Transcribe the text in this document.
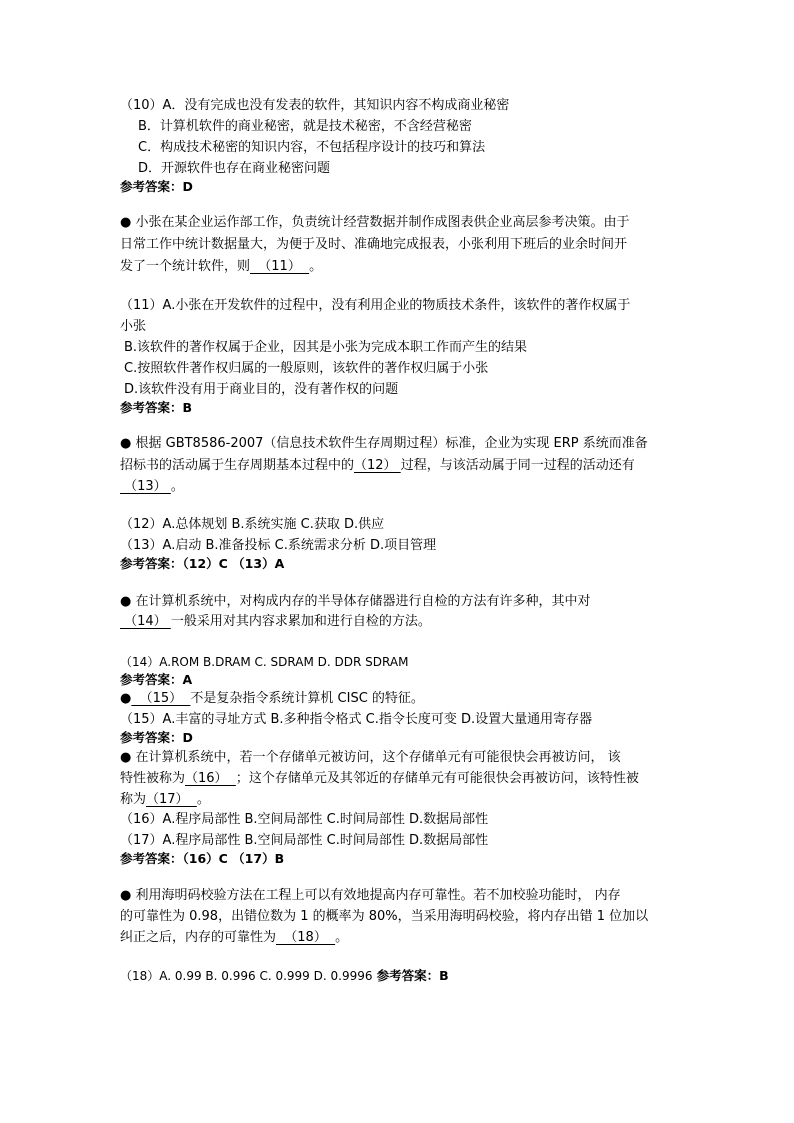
（10）A．没有完成也没有发表的软件，其知识内容不构成商业秘密
B．计算机软件的商业秘密，就是技术秘密，不含经营秘密
C．构成技术秘密的知识内容，不包括程序设计的技巧和算法
D．开源软件也存在商业秘密问题
参考答案：D
● 小张在某企业运作部工作，负责统计经营数据并制作成图表供企业高层参考决策。由于
日常工作中统计数据量大，为便于及时、准确地完成报表，小张利用下班后的业余时间开
发了一个统计软件，则  （11）  。
（11）A.小张在开发软件的过程中，没有利用企业的物质技术条件，该软件的著作权属于
小张
B.该软件的著作权属于企业，因其是小张为完成本职工作而产生的结果
C.按照软件著作权归属的一般原则，该软件的著作权归属于小张
D.该软件没有用于商业目的，没有著作权的问题
参考答案：B
● 根据 GBT8586-2007（信息技术软件生存周期过程）标准，企业为实现 ERP 系统而准备
招标书的活动属于生存周期基本过程中的（12） 过程，与该活动属于同一过程的活动还有
（13） 。
（12）A.总体规划 B.系统实施 C.获取 D.供应
（13）A.启动 B.准备投标 C.系统需求分析 D.项目管理
参考答案：（12）C （13）A
● 在计算机系统中，对构成内存的半导体存储器进行自检的方法有许多种，其中对
（14） 一般采用对其内容求累加和进行自检的方法。
（14）A.ROM B.DRAM C. SDRAM D. DDR SDRAM
参考答案：A
●  （15）  不是复杂指令系统计算机 CISC 的特征。
（15）A.丰富的寻址方式 B.多种指令格式 C.指令长度可变 D.设置大量通用寄存器
参考答案：D
● 在计算机系统中，若一个存储单元被访问，这个存储单元有可能很快会再被访问， 该
特性被称为（16）  ；这个存储单元及其邻近的存储单元有可能很快会再被访问，该特性被
称为（17）  。
（16）A.程序局部性 B.空间局部性 C.时间局部性 D.数据局部性
（17）A.程序局部性 B.空间局部性 C.时间局部性 D.数据局部性
参考答案：（16）C （17）B
● 利用海明码校验方法在工程上可以有效地提高内存可靠性。若不加校验功能时， 内存
的可靠性为 0.98，出错位数为 1 的概率为 80%，当采用海明码校验，将内存出错 1 位加以
纠正之后，内存的可靠性为  （18）  。
（18）A. 0.99 B. 0.996 C. 0.999 D. 0.9996 参考答案：B
